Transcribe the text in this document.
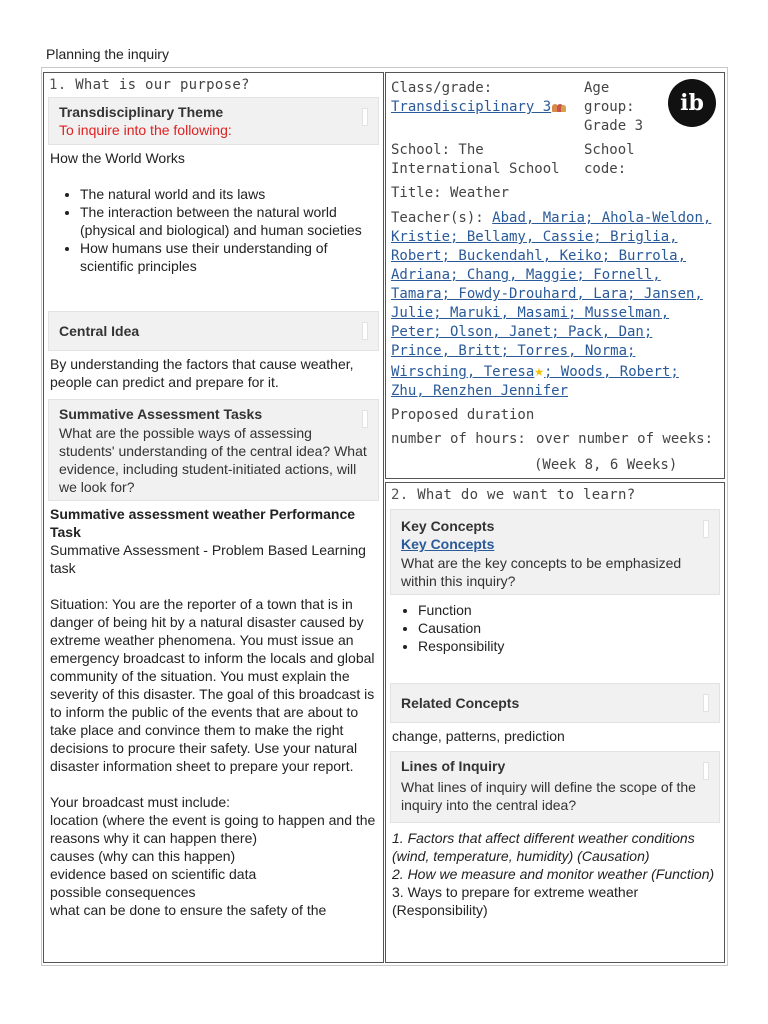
Planning the inquiry
1. What is our purpose?
Transdisciplinary Theme
To inquire into the following:

How the World Works

• The natural world and its laws
• The interaction between the natural world (physical and biological) and human societies
• How humans use their understanding of scientific principles
Central Idea

By understanding the factors that cause weather, people can predict and prepare for it.

Summative Assessment Tasks
What are the possible ways of assessing students' understanding of the central idea? What evidence, including student-initiated actions, will we look for?

Summative assessment weather Performance Task

Summative Assessment - Problem Based Learning task

Situation: You are the reporter of a town that is in danger of being hit by a natural disaster caused by extreme weather phenomena. You must issue an emergency broadcast to inform the locals and global community of the situation. You must explain the severity of this disaster. The goal of this broadcast is to inform the public of the events that are about to take place and convince them to make the right decisions to procure their safety. Use your natural disaster information sheet to prepare your report.

Your broadcast must include:

location (where the event is going to happen and the reasons why it can happen there)

causes (why can this happen)

evidence based on scientific data

possible consequences

what can be done to ensure the safety of the

Class/grade:
Transdisciplinary 3
Age group:
Grade 3
ib
School: The International School
School code:
Title: Weather
Teacher(s): Abad, Maria; Ahola-Weldon, Kristie; Bellamy, Cassie; Briglia, Robert; Buckendahl, Keiko; Burrola, Adriana; Chang, Maggie; Fornell, Tamara; Fowdy-Drouhard, Lara; Jansen, Julie; Maruki, Masami; Musselman, Peter; Olson, Janet; Pack, Dan; Prince, Britt; Torres, Norma; Wirsching, Teresa★; Woods, Robert; Zhu, Renzhen Jennifer
Proposed duration
number of hours: over number of weeks:
(Week 8, 6 Weeks)
2. What do we want to learn?
Key Concepts
Key Concepts
What are the key concepts to be emphasized within this inquiry?
• Function
• Causation
• Responsibility
Related Concepts

change, patterns, prediction

Lines of Inquiry
What lines of inquiry will define the scope of the inquiry into the central idea?

1. Factors that affect different weather conditions (wind, temperature, humidity) (Causation)

2. How we measure and monitor weather (Function)

3. Ways to prepare for extreme weather (Responsibility)
